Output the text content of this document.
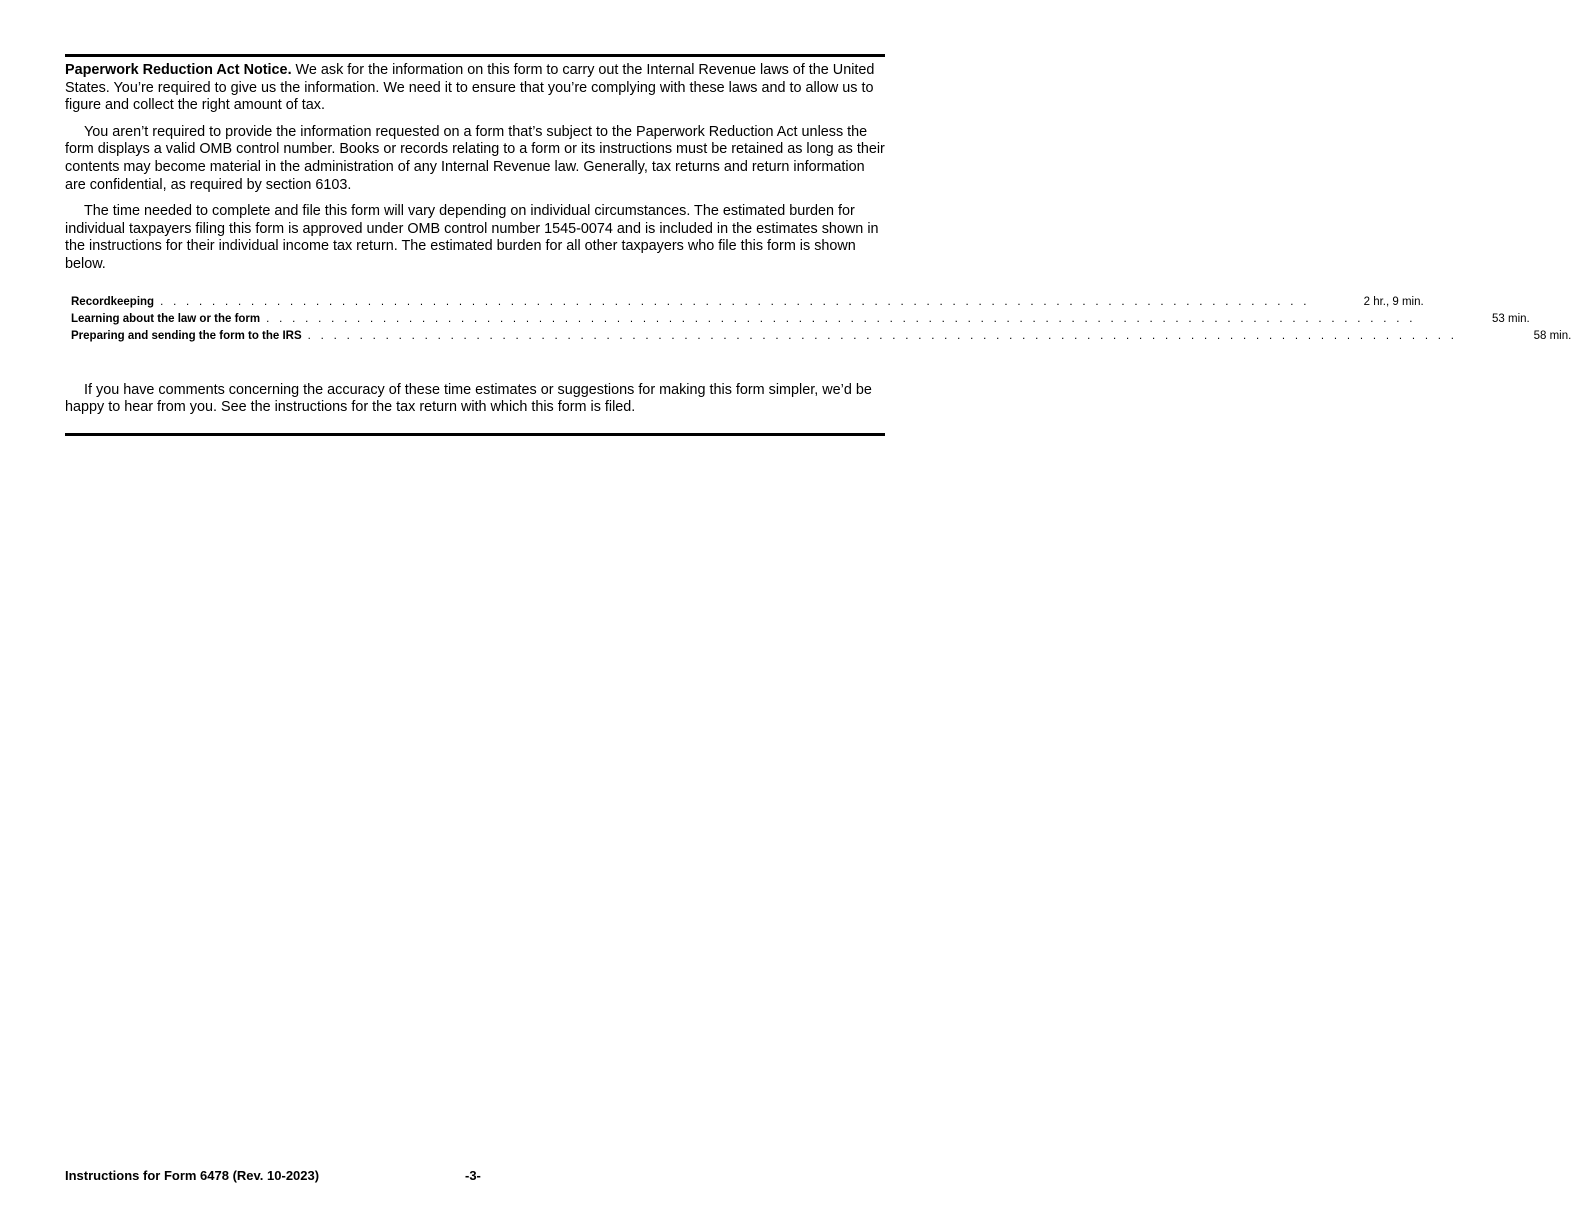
Paperwork Reduction Act Notice. We ask for the information on this form to carry out the Internal Revenue laws of the United States. You’re required to give us the information. We need it to ensure that you’re complying with these laws and to allow us to figure and collect the right amount of tax.

You aren’t required to provide the information requested on a form that’s subject to the Paperwork Reduction Act unless the form displays a valid OMB control number. Books or records relating to a form or its instructions must be retained as long as their contents may become material in the administration of any Internal Revenue law. Generally, tax returns and return information are confidential, as required by section 6103.

The time needed to complete and file this form will vary depending on individual circumstances. The estimated burden for individual taxpayers filing this form is approved under OMB control number 1545-0074 and is included in the estimates shown in the instructions for their individual income tax return. The estimated burden for all other taxpayers who file this form is shown below.

Recordkeeping . . . . . . . . . . . . . . . . . . . . . . . . . . . . . . . . . . . . . . . . . . . . . . . . . . . . . . . . . . . . . . . . . . . . . . . . . . . . . . . . . . . . . . . . .	2 hr., 9 min.
Learning about the law or the form . . . . . . . . . . . . . . . . . . . . . . . . . . . . . . . . . . . . . . . . . . . . . . . . . . . . . . . . . . . . . . . . . . . . . . . . . . . . . . . . . . . . . . . . .	53 min.
Preparing and sending the form to the IRS . . . . . . . . . . . . . . . . . . . . . . . . . . . . . . . . . . . . . . . . . . . . . . . . . . . . . . . . . . . . . . . . . . . . . . . . . . . . . . . . . . . . . . . . .	58 min.

If you have comments concerning the accuracy of these time estimates or suggestions for making this form simpler, we’d be happy to hear from you. See the instructions for the tax return with which this form is filed.

Instructions for Form 6478 (Rev. 10-2023)	-3-
